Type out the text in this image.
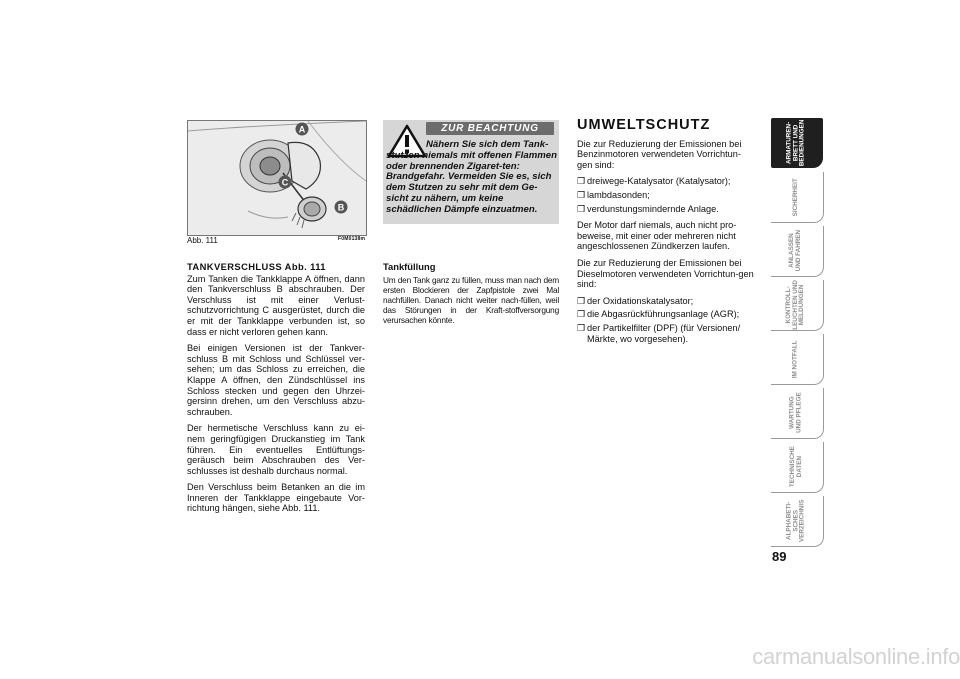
A
C
B
Abb. 111	F0M0138m
TANKVERSCHLUSS Abb. 111

Zum Tanken die Tankklappe A öffnen, dann den Tankverschluss B abschrauben. Der Verschluss ist mit einer Verlust-schutzvorrichtung C ausgerüstet, durch die er mit der Tankklappe verbunden ist, so dass er nicht verloren gehen kann.

Bei einigen Versionen ist der Tankver-schluss B mit Schloss und Schlüssel ver-sehen; um das Schloss zu erreichen, die Klappe A öffnen, den Zündschlüssel ins Schloss stecken und gegen den Uhrzei-gersinn drehen, um den Verschluss abzu-schrauben.

Der hermetische Verschluss kann zu ei-nem geringfügigen Druckanstieg im Tank führen. Ein eventuelles Entlüftungs-geräusch beim Abschrauben des Ver-schlusses ist deshalb durchaus normal.

Den Verschluss beim Betanken an die im Inneren der Tankklappe eingebaute Vor-richtung hängen, siehe Abb. 111.

ZUR BEACHTUNG
Nähern Sie sich dem Tank-stutzen niemals mit offenen Flammen oder brennenden Zigaret-ten: Brandgefahr. Vermeiden Sie es, sich dem Stutzen zu sehr mit dem Ge-sicht zu nähern, um keine schädlichen Dämpfe einzuatmen.
Tankfüllung
Um den Tank ganz zu füllen, muss man nach dem ersten Blockieren der Zapfpistole zwei Mal nachfüllen. Danach nicht weiter nach-füllen, weil das Störungen in der Kraft-stoffversorgung verursachen könnte.
UMWELTSCHUTZ

Die zur Reduzierung der Emissionen bei Benzinmotoren verwendeten Vorrichtun-gen sind:

❒ dreiwege-Katalysator (Katalysator);
❒ lambdasonden;
❒ verdunstungsmindernde Anlage.

Der Motor darf niemals, auch nicht pro-beweise, mit einer oder mehreren nicht angeschlossenen Zündkerzen laufen.

Die zur Reduzierung der Emissionen bei Dieselmotoren verwendeten Vorrichtun-gen sind:

❒ der Oxidationskatalysator;
❒ die Abgasrückführungsanlage (AGR);
❒ der Partikelfilter (DPF) (für Versionen/ Märkte, wo vorgesehen).
ARMATUREN-
BRETT UND
BEDIENUNGEN
SICHERHEIT
ANLASSEN
UND FAHREN
KONTROLL-
LEUCHTEN UND
MELDUNGEN
IM NOTFALL
WARTUNG
UND PFLEGE
TECHNISCHE
DATEN
ALPHABETI-
SCHES
VERZEICHNIS
89
carmanualsonline.info
